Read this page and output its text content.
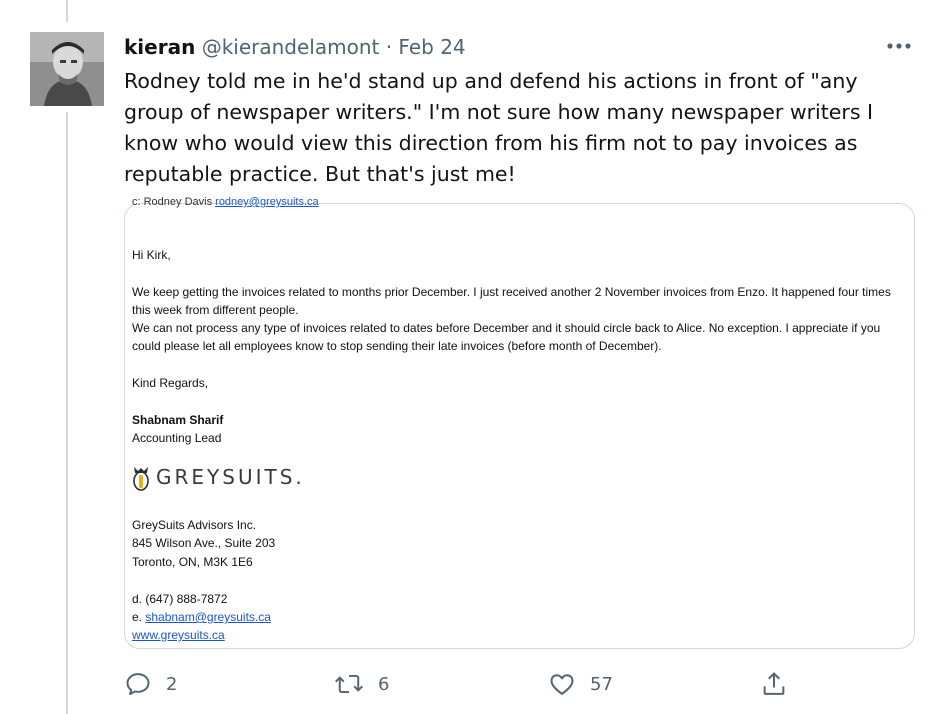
kieran @kierandelamont · Feb 24
Rodney told me in he'd stand up and defend his actions in front of "any group of newspaper writers." I'm not sure how many newspaper writers I know who would view this direction from his firm not to pay invoices as reputable practice. But that's just me!
c: Rodney Davis rodney@greysuits.ca

Hi Kirk,

We keep getting the invoices related to months prior December. I just received another 2 November invoices from Enzo. It happened four times this week from different people.

We can not process any type of invoices related to dates before December and it should circle back to Alice. No exception. I appreciate if you could please let all employees know to stop sending their late invoices (before month of December).

Kind Regards,

Shabnam Sharif

Accounting Lead

GREYSUITS.

GreySuits Advisors Inc.

845 Wilson Ave., Suite 203

Toronto, ON, M3K 1E6

d. (647) 888-7872

e. shabnam@greysuits.ca

www.greysuits.ca

2	6	57
